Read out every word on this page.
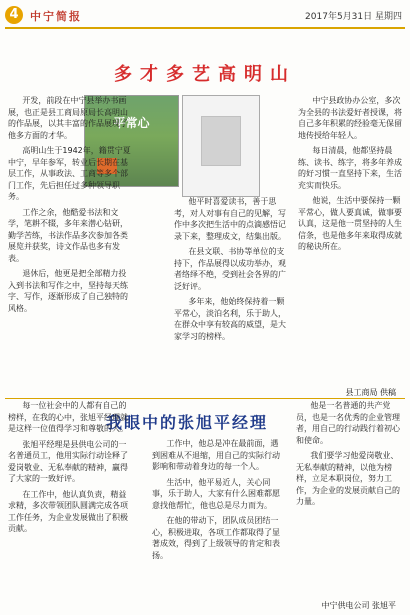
4	中宁简报	2017年5月31日 星期四
多才多艺高明山
平常心

开发，前段在中宁县举办书画展，也正是县工商局原局长高明山的作品展，以其丰富的作品展现了他多方面的才华。

高明山生于1942年，籍贯宁夏中宁，早年参军，转业后长期在基层工作，从事政法、工商等多个部门工作，先后担任过多种领导职务。

工作之余，他酷爱书法和文学，笔耕不辍，多年来潜心钻研，勤学苦练，书法作品多次参加各类展览并获奖，诗文作品也多有发表。

退休后，他更是把全部精力投入到书法和写作之中，坚持每天练字、写作，逐渐形成了自己独特的风格。

他平时喜爱读书，善于思考，对人对事有自己的见解，写作中多次把生活中的点滴感悟记录下来，整理成文，结集出版。

在县文联、书协等单位的支持下，作品展得以成功举办，观者络绎不绝，受到社会各界的广泛好评。

多年来，他始终保持着一颗平常心，淡泊名利，乐于助人，在群众中享有较高的威望，是大家学习的榜样。

中宁县政协办公室，多次为全县的书法爱好者授课，将自己多年积累的经验毫无保留地传授给年轻人。

每日清晨，他都坚持晨练、读书、练字，将多年养成的好习惯一直坚持下来，生活充实而快乐。

他说，生活中要保持一颗平常心，做人要真诚，做事要认真，这是他一贯坚持的人生信条，也是他多年来取得成就的秘诀所在。

县工商局 供稿
我眼中的张旭平经理

每一位社会中的人都有自己的榜样，在我的心中，张旭平经理就是这样一位值得学习和尊敬的人。

张旭平经理是县供电公司的一名普通员工，他用实际行动诠释了爱岗敬业、无私奉献的精神，赢得了大家的一致好评。

在工作中，他认真负责，精益求精，多次带领团队圆满完成各项工作任务，为企业发展做出了积极贡献。

工作中，他总是冲在最前面，遇到困难从不退缩，用自己的实际行动影响和带动着身边的每一个人。

生活中，他平易近人，关心同事，乐于助人，大家有什么困难都愿意找他帮忙，他也总是尽力而为。

在他的带动下，团队成员团结一心，积极进取，各项工作都取得了显著成效，得到了上级领导的肯定和表扬。

他是一名普通的共产党员，也是一名优秀的企业管理者，用自己的行动践行着初心和使命。

我们要学习他爱岗敬业、无私奉献的精神，以他为榜样，立足本职岗位，努力工作，为企业的发展贡献自己的力量。

中宁供电公司 张旭平
